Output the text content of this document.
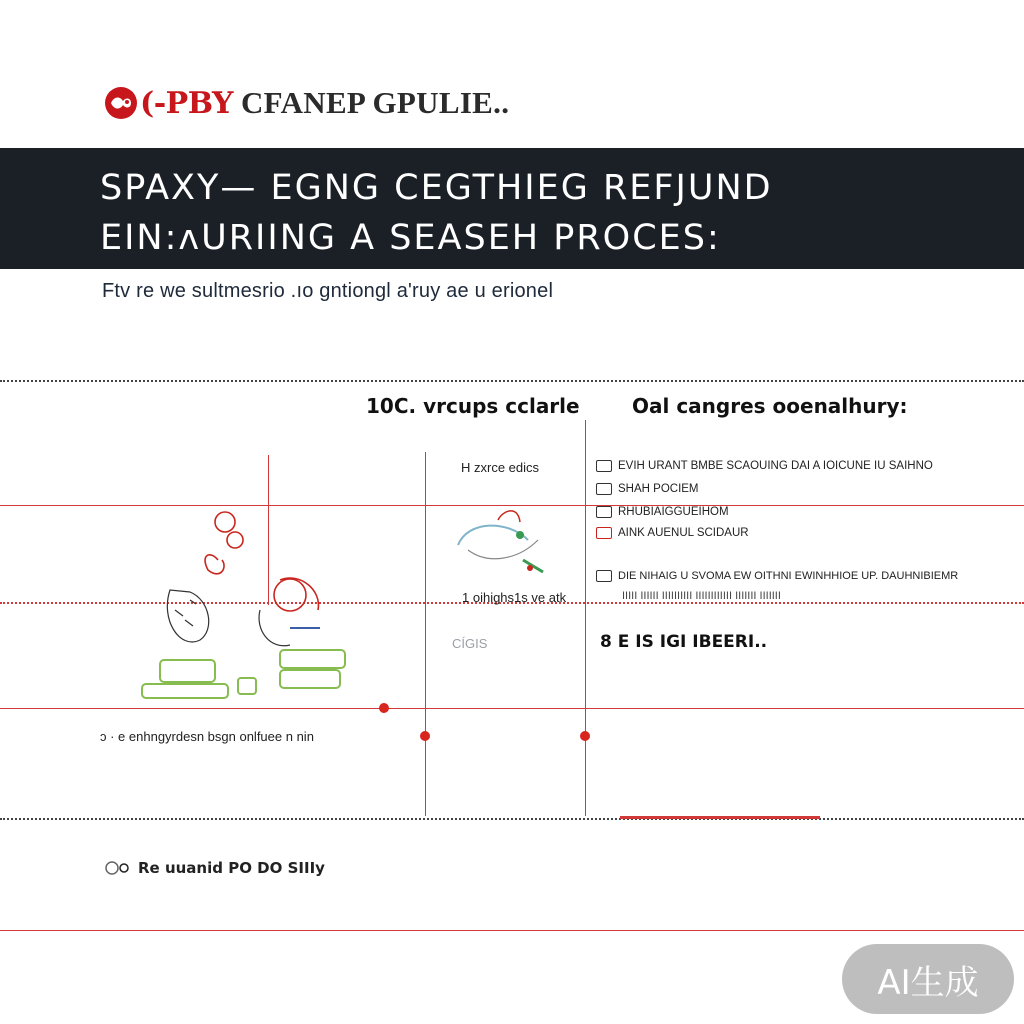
(-PBY CFANEP GPULIE..
SPAXY— EGNG CEGTHIEG REFJUND
EIN:ʌURIING A SEASEH PROCES:
Ftv re we sultmesrio .ıo gntiongl a'ruy ae u erionel
10C. vrcups cclarle	Oal cangres ooenalhury:
H zxrce edics
1 oihighs1s ve atk
CÍGIS
EVIH URANT BMBE SCAOUING DAI A IOICUNE IU SAIHNO
SHAH POCIEM
RHUBIAIGGUEIHOM
AINK AUENUL SCIDAUR
DIE NIHAIG U SVOMA EW OITHNI EWINHHIOE UP. DAUHNIBIEMR
IIIII IIIIII IIIIIIIIII IIIIIIIIIIII IIIIIII IIIIIII
8 E IS IGI IBEERI..
ɔ · e enhngyrdesn bsgn onlfuee n nin
Re uuanid PO DO SIIIy
AI生成
